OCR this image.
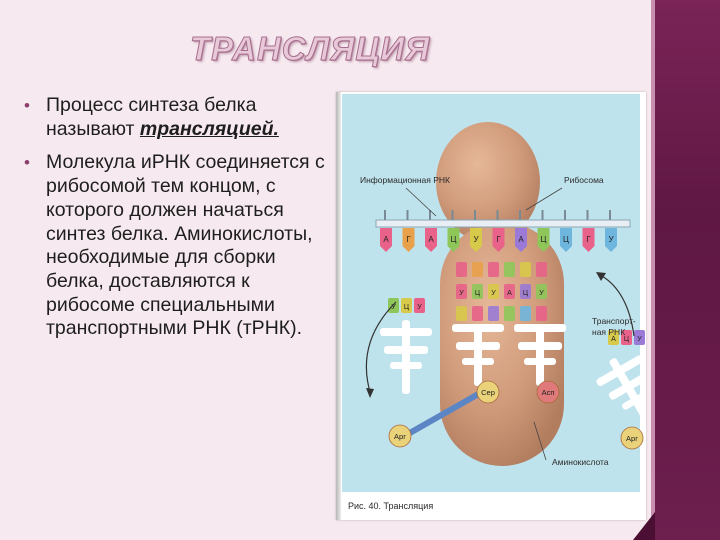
ТРАНСЛЯЦИЯ
• Процесс синтеза белка называют трансляцией.
• Молекула иРНК соединяется с рибосомой тем концом, с которого должен начаться синтез белка. Аминокислоты, необходимые для сборки белка, доставляются к рибосоме специальными транспортными РНК (тРНК).
А Г А Ц У Г А Ц Ц Г У
У Ц У А Ц У
У Ц У
А Ц У
Сер	Асп
Арг	Арг
Информационная РНК	Рибосома
Транспорт-
ная РНК
Аминокислота
Рис. 40. Трансляция
